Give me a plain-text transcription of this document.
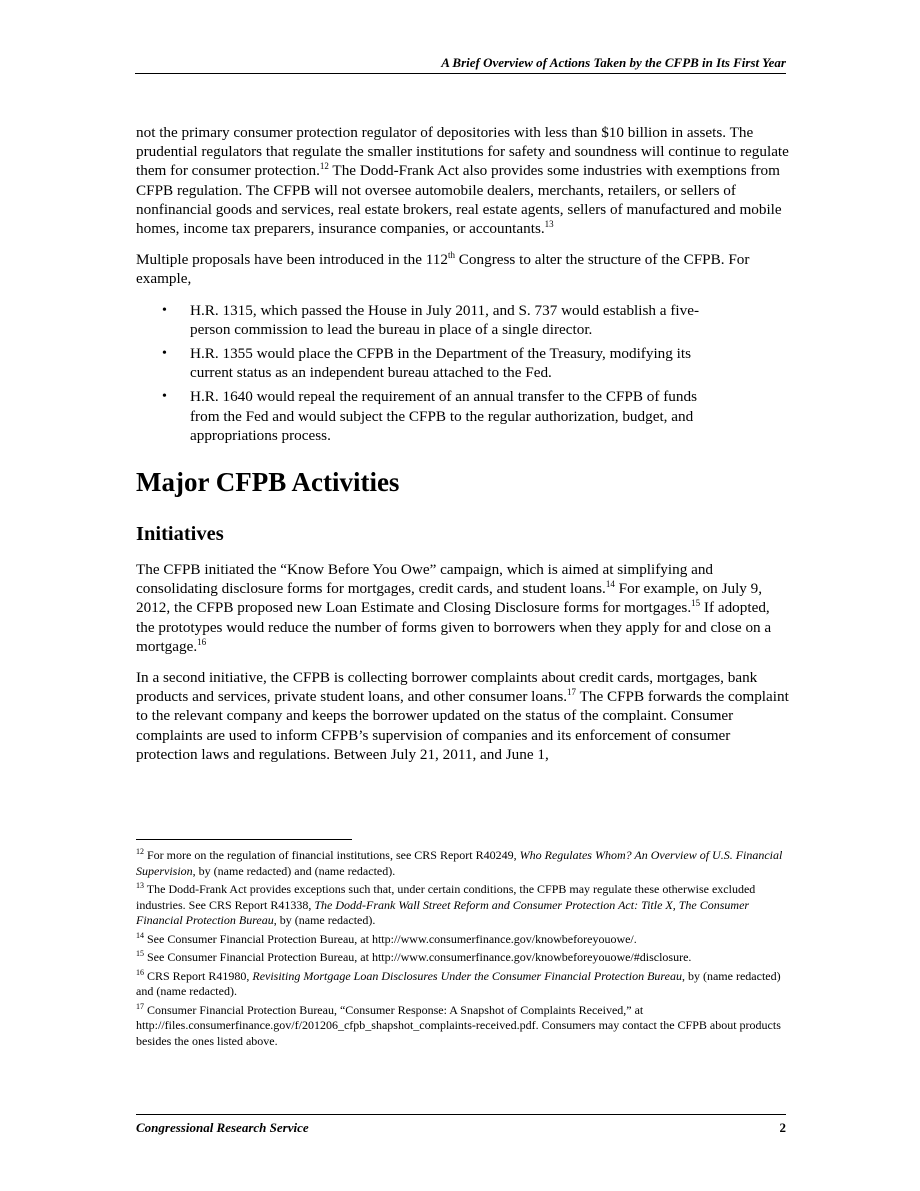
A Brief Overview of Actions Taken by the CFPB in Its First Year

not the primary consumer protection regulator of depositories with less than $10 billion in assets. The prudential regulators that regulate the smaller institutions for safety and soundness will continue to regulate them for consumer protection.$^{12}$ The Dodd-Frank Act also provides some industries with exemptions from CFPB regulation. The CFPB will not oversee automobile dealers, merchants, retailers, or sellers of nonfinancial goods and services, real estate brokers, real estate agents, sellers of manufactured and mobile homes, income tax preparers, insurance companies, or accountants.$^{13}$

Multiple proposals have been introduced in the 112th Congress to alter the structure of the CFPB. For example,

•	H.R. 1315, which passed the House in July 2011, and S. 737 would establish a five-person commission to lead the bureau in place of a single director.
•	H.R. 1355 would place the CFPB in the Department of the Treasury, modifying its current status as an independent bureau attached to the Fed.
•	H.R. 1640 would repeal the requirement of an annual transfer to the CFPB of funds from the Fed and would subject the CFPB to the regular authorization, budget, and appropriations process.
Major CFPB Activities
Initiatives

The CFPB initiated the “Know Before You Owe” campaign, which is aimed at simplifying and consolidating disclosure forms for mortgages, credit cards, and student loans.$^{14}$ For example, on July 9, 2012, the CFPB proposed new Loan Estimate and Closing Disclosure forms for mortgages.$^{15}$ If adopted, the prototypes would reduce the number of forms given to borrowers when they apply for and close on a mortgage.$^{16}$

In a second initiative, the CFPB is collecting borrower complaints about credit cards, mortgages, bank products and services, private student loans, and other consumer loans.$^{17}$ The CFPB forwards the complaint to the relevant company and keeps the borrower updated on the status of the complaint. Consumer complaints are used to inform CFPB’s supervision of companies and its enforcement of consumer protection laws and regulations. Between July 21, 2011, and June 1,

$^{12}$ For more on the regulation of financial institutions, see CRS Report R40249, Who Regulates Whom? An Overview of U.S. Financial Supervision, by (name redacted) and (name redacted).

$^{13}$ The Dodd-Frank Act provides exceptions such that, under certain conditions, the CFPB may regulate these otherwise excluded industries. See CRS Report R41338, The Dodd-Frank Wall Street Reform and Consumer Protection Act: Title X, The Consumer Financial Protection Bureau, by (name redacted).

$^{14}$ See Consumer Financial Protection Bureau, at http://www.consumerfinance.gov/knowbeforeyouowe/.

$^{15}$ See Consumer Financial Protection Bureau, at http://www.consumerfinance.gov/knowbeforeyouowe/#disclosure.

$^{16}$ CRS Report R41980, Revisiting Mortgage Loan Disclosures Under the Consumer Financial Protection Bureau, by (name redacted) and (name redacted).

$^{17}$ Consumer Financial Protection Bureau, “Consumer Response: A Snapshot of Complaints Received,” at http://files.consumerfinance.gov/f/201206_cfpb_shapshot_complaints-received.pdf. Consumers may contact the CFPB about products besides the ones listed above.

Congressional Research Service	2
